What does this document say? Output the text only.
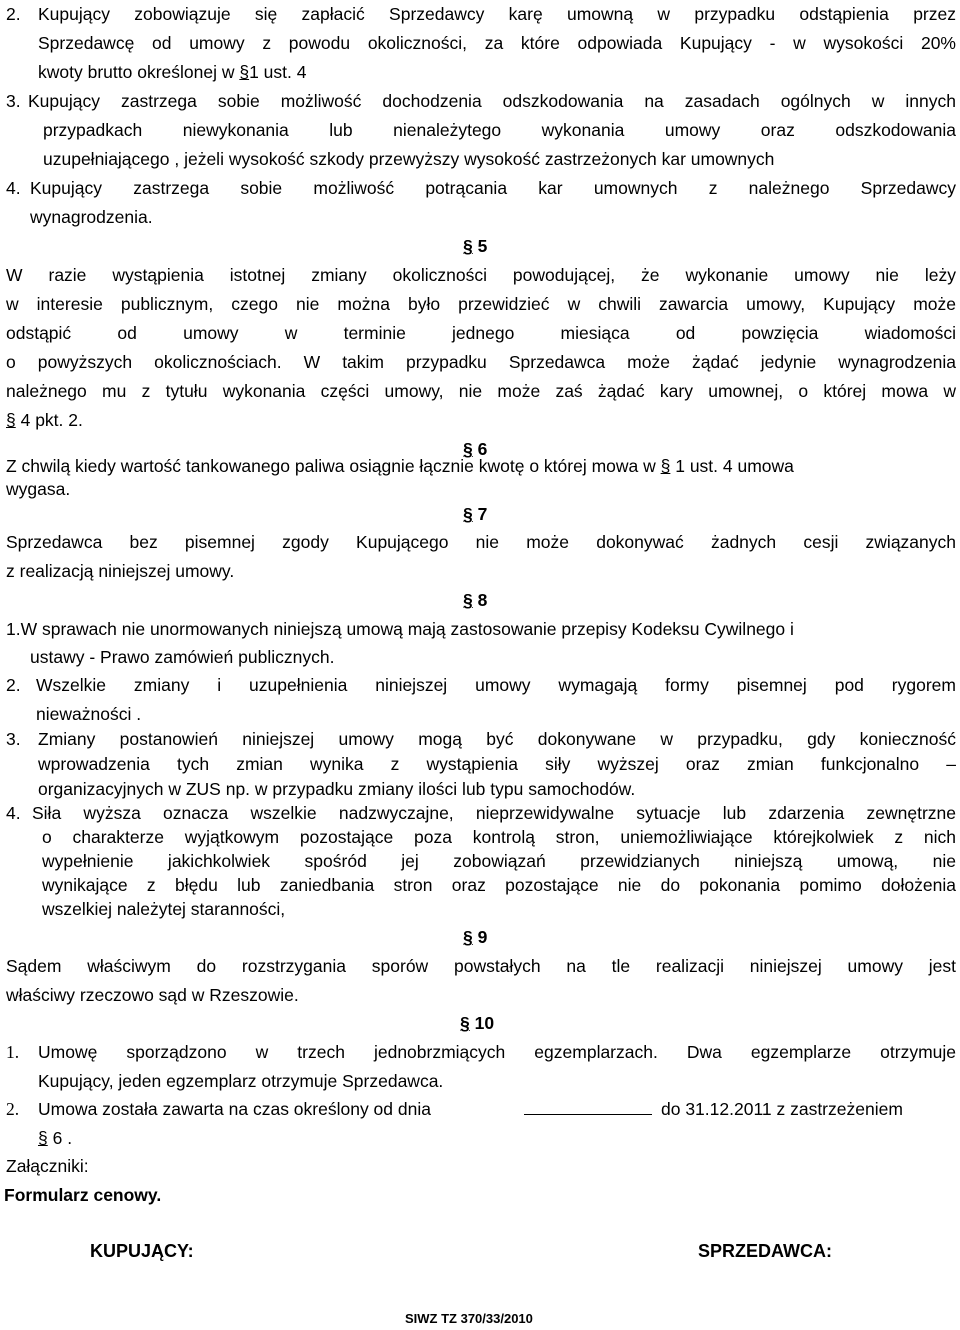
2. Kupujący zobowiązuje się zapłacić Sprzedawcy karę umowną w przypadku odstąpienia przez
Sprzedawcę od umowy z powodu okoliczności, za które odpowiada Kupujący - w wysokości 20%
kwoty brutto określonej w §1 ust. 4
3. Kupujący zastrzega sobie możliwość dochodzenia odszkodowania na zasadach ogólnych w innych
przypadkach niewykonania lub nienależytego wykonania umowy oraz odszkodowania
uzupełniającego , jeżeli wysokość szkody przewyższy wysokość zastrzeżonych kar umownych
4. Kupujący zastrzega sobie możliwość potrącania kar umownych z należnego Sprzedawcy
wynagrodzenia.
§ 5
W razie wystąpienia istotnej zmiany okoliczności powodującej, że wykonanie umowy nie leży
w interesie publicznym, czego nie można było przewidzieć w chwili zawarcia umowy, Kupujący może
odstąpić od umowy w terminie jednego miesiąca od powzięcia wiadomości
o powyższych okolicznościach. W takim przypadku Sprzedawca może żądać jedynie wynagrodzenia
należnego mu z tytułu wykonania części umowy, nie może zaś żądać kary umownej, o której mowa w
§ 4 pkt. 2.
§ 6
Z chwilą kiedy wartość tankowanego paliwa osiągnie łącznie kwotę o której mowa w § 1 ust. 4 umowa
wygasa.
§ 7
Sprzedawca bez pisemnej zgody Kupującego nie może dokonywać żadnych cesji związanych
z realizacją niniejszej umowy.
§ 8
1.W sprawach nie unormowanych niniejszą umową mają zastosowanie przepisy Kodeksu Cywilnego i
ustawy - Prawo zamówień publicznych.
2. Wszelkie zmiany i uzupełnienia niniejszej umowy wymagają formy pisemnej pod rygorem
nieważności .
3. Zmiany postanowień niniejszej umowy mogą być dokonywane w przypadku, gdy konieczność
wprowadzenia tych zmian wynika z wystąpienia siły wyższej oraz zmian funkcjonalno –
organizacyjnych w ZUS np. w przypadku zmiany ilości lub typu samochodów.
4. Siła wyższa oznacza wszelkie nadzwyczajne, nieprzewidywalne sytuacje lub zdarzenia zewnętrzne
o charakterze wyjątkowym pozostające poza kontrolą stron, uniemożliwiające którejkolwiek z nich
wypełnienie jakichkolwiek spośród jej zobowiązań przewidzianych niniejszą umową, nie
wynikające z błędu lub zaniedbania stron oraz pozostające nie do pokonania pomimo dołożenia
wszelkiej należytej staranności,
§ 9
Sądem właściwym do rozstrzygania sporów powstałych na tle realizacji niniejszej umowy jest
właściwy rzeczowo sąd w Rzeszowie.
§ 10
1. Umowę sporządzono w trzech jednobrzmiących egzemplarzach. Dwa egzemplarze otrzymuje
Kupujący, jeden egzemplarz otrzymuje Sprzedawca.
2. Umowa została zawarta na czas określony od dnia	do 31.12.2011 z zastrzeżeniem
§ 6 .
Załączniki:
Formularz cenowy.
KUPUJĄCY:	SPRZEDAWCA:
SIWZ TZ 370/33/2010
